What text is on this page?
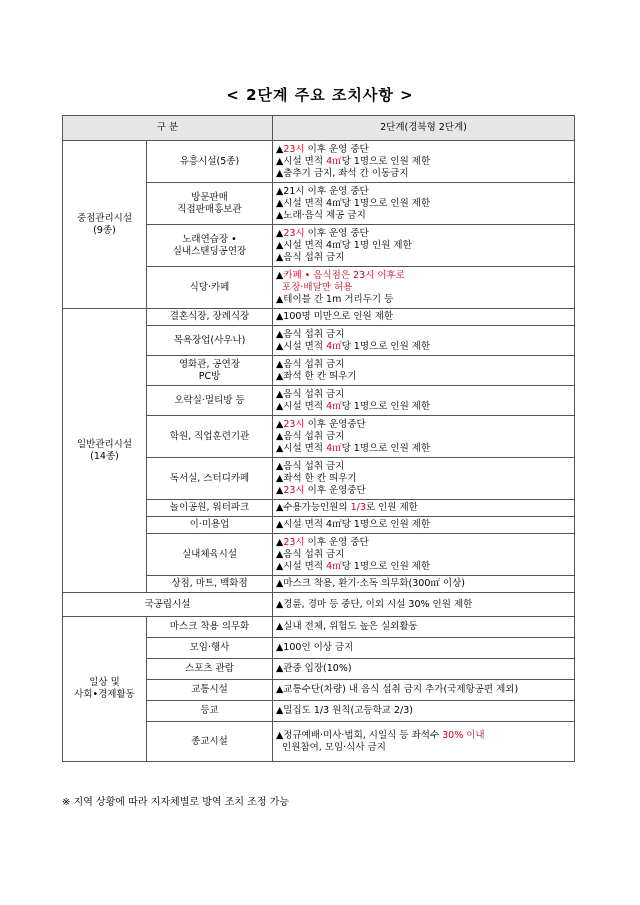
< 2단계 주요 조치사항 >
구 분		2단계(경북형 2단계)
중점관리시설
(9종)	유흥시설(5종)	▲23시 이후 운영 중단
▲시설 면적 4㎡당 1명으로 인원 제한
▲춤추기 금지, 좌석 간 이동금지

	방문판매
직접판매홍보관	▲21시 이후 운영 중단
▲시설 면적 4㎡당 1명으로 인원 제한
▲노래·음식 제공 금지

	노래연습장 •
실내스탠딩공연장	▲23시 이후 운영 중단
▲시설 면적 4㎡당 1명 인원 제한
▲음식 섭취 금지

	식당·카페	▲카페 • 음식점은 23시 이후로
포장·배달만 허용
▲테이블 간 1m 거리두기 등

일반관리시설
(14종)	결혼식장, 장례식장	▲100명 미만으로 인원 제한

	목욕장업(사우나)	▲음식 섭취 금지
▲시설 면적 4㎡당 1명으로 인원 제한

	영화관, 공연장
PC방	▲음식 섭취 금지
▲좌석 한 칸 띄우기

	오락실·멀티방 등	▲음식 섭취 금지
▲시설 면적 4㎡당 1명으로 인원 제한

	학원, 직업훈련기관	▲23시 이후 운영중단
▲음식 섭취 금지
▲시설 면적 4㎡당 1명으로 인원 제한

	독서실, 스터디카페	▲음식 섭취 금지
▲좌석 한 칸 띄우기
▲23시 이후 운영중단

	놀이공원, 워터파크	▲수용가능인원의 1/3로 인원 제한

	이·미용업	▲시설 면적 4㎡당 1명으로 인원 제한

	실내체육시설	▲23시 이후 운영 중단
▲음식 섭취 금지
▲시설 면적 4㎡당 1명으로 인원 제한

	상점, 마트, 백화점	▲마스크 착용, 환기·소독 의무화(300㎡ 이상)

국공립시설		▲경륜, 경마 등 중단, 이외 시설 30% 인원 제한

일상 및
사회•경제활동	마스크 착용 의무화	▲실내 전체, 위험도 높은 실외활동

	모임·행사	▲100인 이상 금지

	스포츠 관람	▲관중 입장(10%)

	교통시설	▲교통수단(차량) 내 음식 섭취 금지 추가(국제항공편 제외)

	등교	▲밀집도 1/3 원칙(고등학교 2/3)

	종교시설	▲정규예배·미사·법회, 시일식 등 좌석수 30% 이내
인원참여, 모임·식사 금지
※ 지역 상황에 따라 지자체별로 방역 조치 조정 가능
